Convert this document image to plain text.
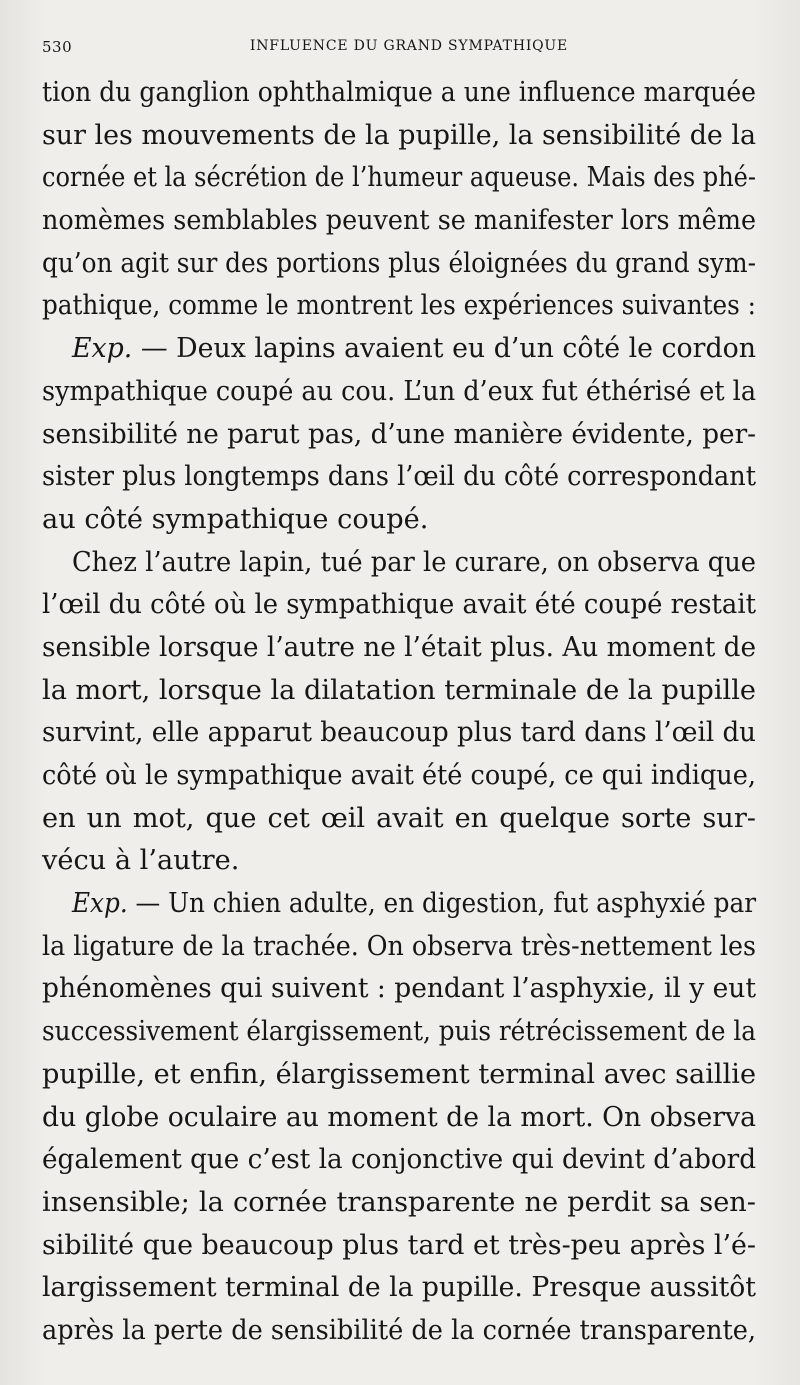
530	INFLUENCE DU GRAND SYMPATHIQUE
tion du ganglion ophthalmique a une influence marquée
sur les mouvements de la pupille, la sensibilité de la
cornée et la sécrétion de l’humeur aqueuse. Mais des phé-
nomèmes semblables peuvent se manifester lors même
qu’on agit sur des portions plus éloignées du grand sym-
pathique, comme le montrent les expériences suivantes :
Exp. — Deux lapins avaient eu d’un côté le cordon
sympathique coupé au cou. L’un d’eux fut éthérisé et la
sensibilité ne parut pas, d’une manière évidente, per-
sister plus longtemps dans l’œil du côté correspondant
au côté sympathique coupé.
Chez l’autre lapin, tué par le curare, on observa que
l’œil du côté où le sympathique avait été coupé restait
sensible lorsque l’autre ne l’était plus. Au moment de
la mort, lorsque la dilatation terminale de la pupille
survint, elle apparut beaucoup plus tard dans l’œil du
côté où le sympathique avait été coupé, ce qui indique,
en un mot, que cet œil avait en quelque sorte sur-
vécu à l’autre.
Exp. — Un chien adulte, en digestion, fut asphyxié par
la ligature de la trachée. On observa très-nettement les
phénomènes qui suivent : pendant l’asphyxie, il y eut
successivement élargissement, puis rétrécissement de la
pupille, et enfin, élargissement terminal avec saillie
du globe oculaire au moment de la mort. On observa
également que c’est la conjonctive qui devint d’abord
insensible; la cornée transparente ne perdit sa sen-
sibilité que beaucoup plus tard et très-peu après l’é-
largissement terminal de la pupille. Presque aussitôt
après la perte de sensibilité de la cornée transparente,
